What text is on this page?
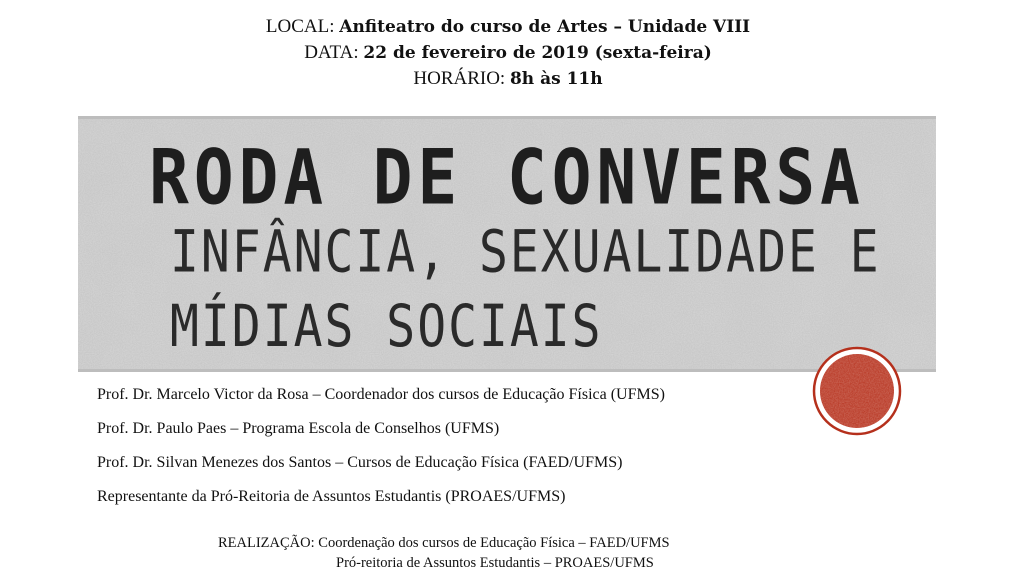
LOCAL: Anfiteatro do curso de Artes – Unidade VIII
DATA: 22 de fevereiro de 2019 (sexta-feira)
HORÁRIO: 8h às 11h
RODA DE CONVERSA
INFÂNCIA, SEXUALIDADE E
MÍDIAS SOCIAIS
Prof. Dr. Marcelo Victor da Rosa – Coordenador dos cursos de Educação Física (UFMS)
Prof. Dr. Paulo Paes – Programa Escola de Conselhos (UFMS)
Prof. Dr. Silvan Menezes dos Santos – Cursos de Educação Física (FAED/UFMS)
Representante da Pró-Reitoria de Assuntos Estudantis (PROAES/UFMS)
REALIZAÇÃO: Coordenação dos cursos de Educação Física – FAED/UFMS
Pró-reitoria de Assuntos Estudantis – PROAES/UFMS
